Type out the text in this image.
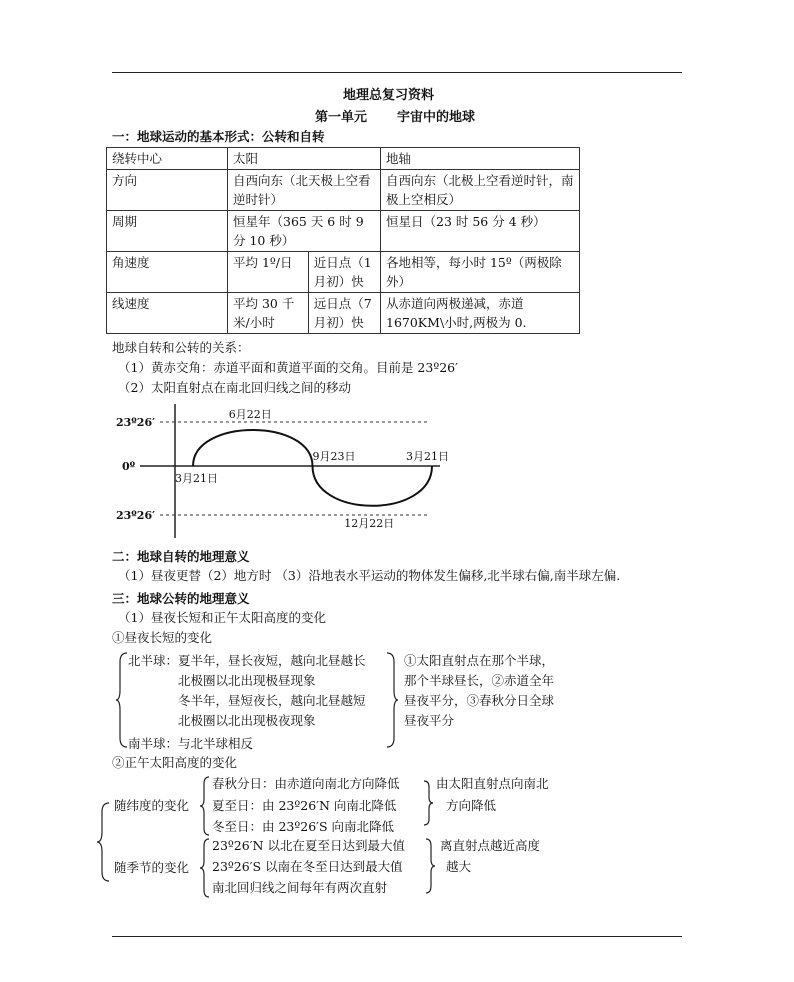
地理总复习资料
第一单元 宇宙中的地球
一：地球运动的基本形式：公转和自转
绕转中心	太阳		地轴
方向	自西向东（北天极上空看逆时针）		自西向东（北极上空看逆时针，南极上空相反）
周期	恒星年（365 天 6 时 9 分 10 秒）		恒星日（23 时 56 分 4 秒）
角速度	平均 1º/日	近日点（1 月初）快	各地相等，每小时 15º（两极除外）
线速度	平均 30 千米/小时	远日点（7 月初）快	从赤道向两极递减，赤道 1670KM\小时,两极为 0.
地球自转和公转的关系：
（1）黄赤交角：赤道平面和黄道平面的交角。目前是 23º26′
（2）太阳直射点在南北回归线之间的移动
23º26′
0º
23º26′
3月21日
6月22日
9月23日
12月22日
3月21日
二：地球自转的地理意义
（1）昼夜更替（2）地方时 （3）沿地表水平运动的物体发生偏移,北半球右偏,南半球左偏.
三：地球公转的地理意义
（1）昼夜长短和正午太阳高度的变化
①昼夜长短的变化
北半球：夏半年，昼长夜短，越向北昼越长
北极圈以北出现极昼现象
冬半年，昼短夜长，越向北昼越短
北极圈以北出现极夜现象
南半球：与北半球相反
①太阳直射点在那个半球，
那个半球昼长，②赤道全年
昼夜平分，③春秋分日全球
昼夜平分
②正午太阳高度的变化
随纬度的变化
春秋分日：由赤道向南北方向降低
夏至日：由 23º26′N 向南北降低
冬至日：由 23º26′S 向南北降低
由太阳直射点向南北
方向降低
随季节的变化
23º26′N 以北在夏至日达到最大值
23º26′S 以南在冬至日达到最大值
南北回归线之间每年有两次直射
离直射点越近高度
越大
